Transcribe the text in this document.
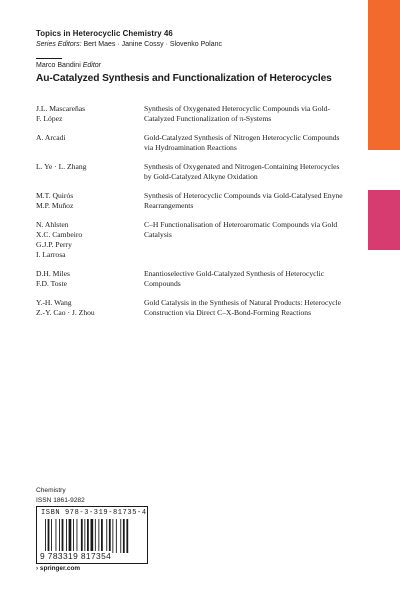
Topics in Heterocyclic Chemistry 46
Series Editors: Bert Maes · Janine Cossy · Slovenko Polanc
Marco Bandini Editor
Au-Catalyzed Synthesis and Functionalization of Heterocycles
J.L. Mascareñas
F. López
Synthesis of Oxygenated Heterocyclic Compounds via Gold-Catalyzed Functionalization of π-Systems
A. Arcadi	Gold-Catalyzed Synthesis of Nitrogen Heterocyclic Compounds via Hydroamination Reactions
L. Ye · L. Zhang	Synthesis of Oxygenated and Nitrogen-Containing Heterocycles by Gold-Catalyzed Alkyne Oxidation
M.T. Quirós
M.P. Muñoz
Synthesis of Heterocyclic Compounds via Gold-Catalysed Enyne Rearrangements
N. Ahlsten
X.C. Cambeiro
G.J.P. Perry
I. Larrosa
C–H Functionalisation of Heteroaromatic Compounds via Gold Catalysis
D.H. Miles
F.D. Toste
Enantioselective Gold-Catalyzed Synthesis of Heterocyclic Compounds
Y.-H. Wang
Z.-Y. Cao · J. Zhou
Gold Catalysis in the Synthesis of Natural Products: Heterocycle Construction via Direct C–X-Bond-Forming Reactions
Chemistry
ISSN 1861-9282
ISBN 978-3-319-81735-4
9 783319 817354
› springer.com
